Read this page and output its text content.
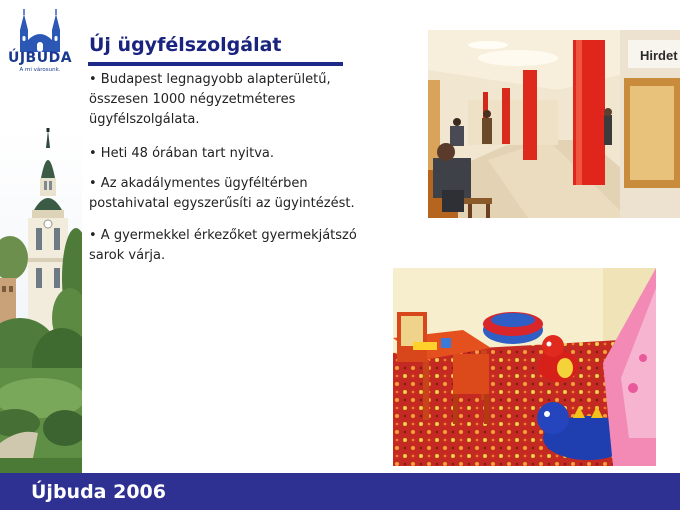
ÚJBUDA
A mi városunk.
Új ügyfélszolgálat
• Budapest legnagyobb alapterületű,
összesen 1000 négyzetméteres
ügyfélszolgálata.
• Heti 48 órában tart nyitva.
• Az akadálymentes ügyféltérben
postahivatal egyszerűsíti az ügyintézést.
• A gyermekkel érkezőket gyermekjátszó
sarok várja.
Hirdet
Újbuda 2006
